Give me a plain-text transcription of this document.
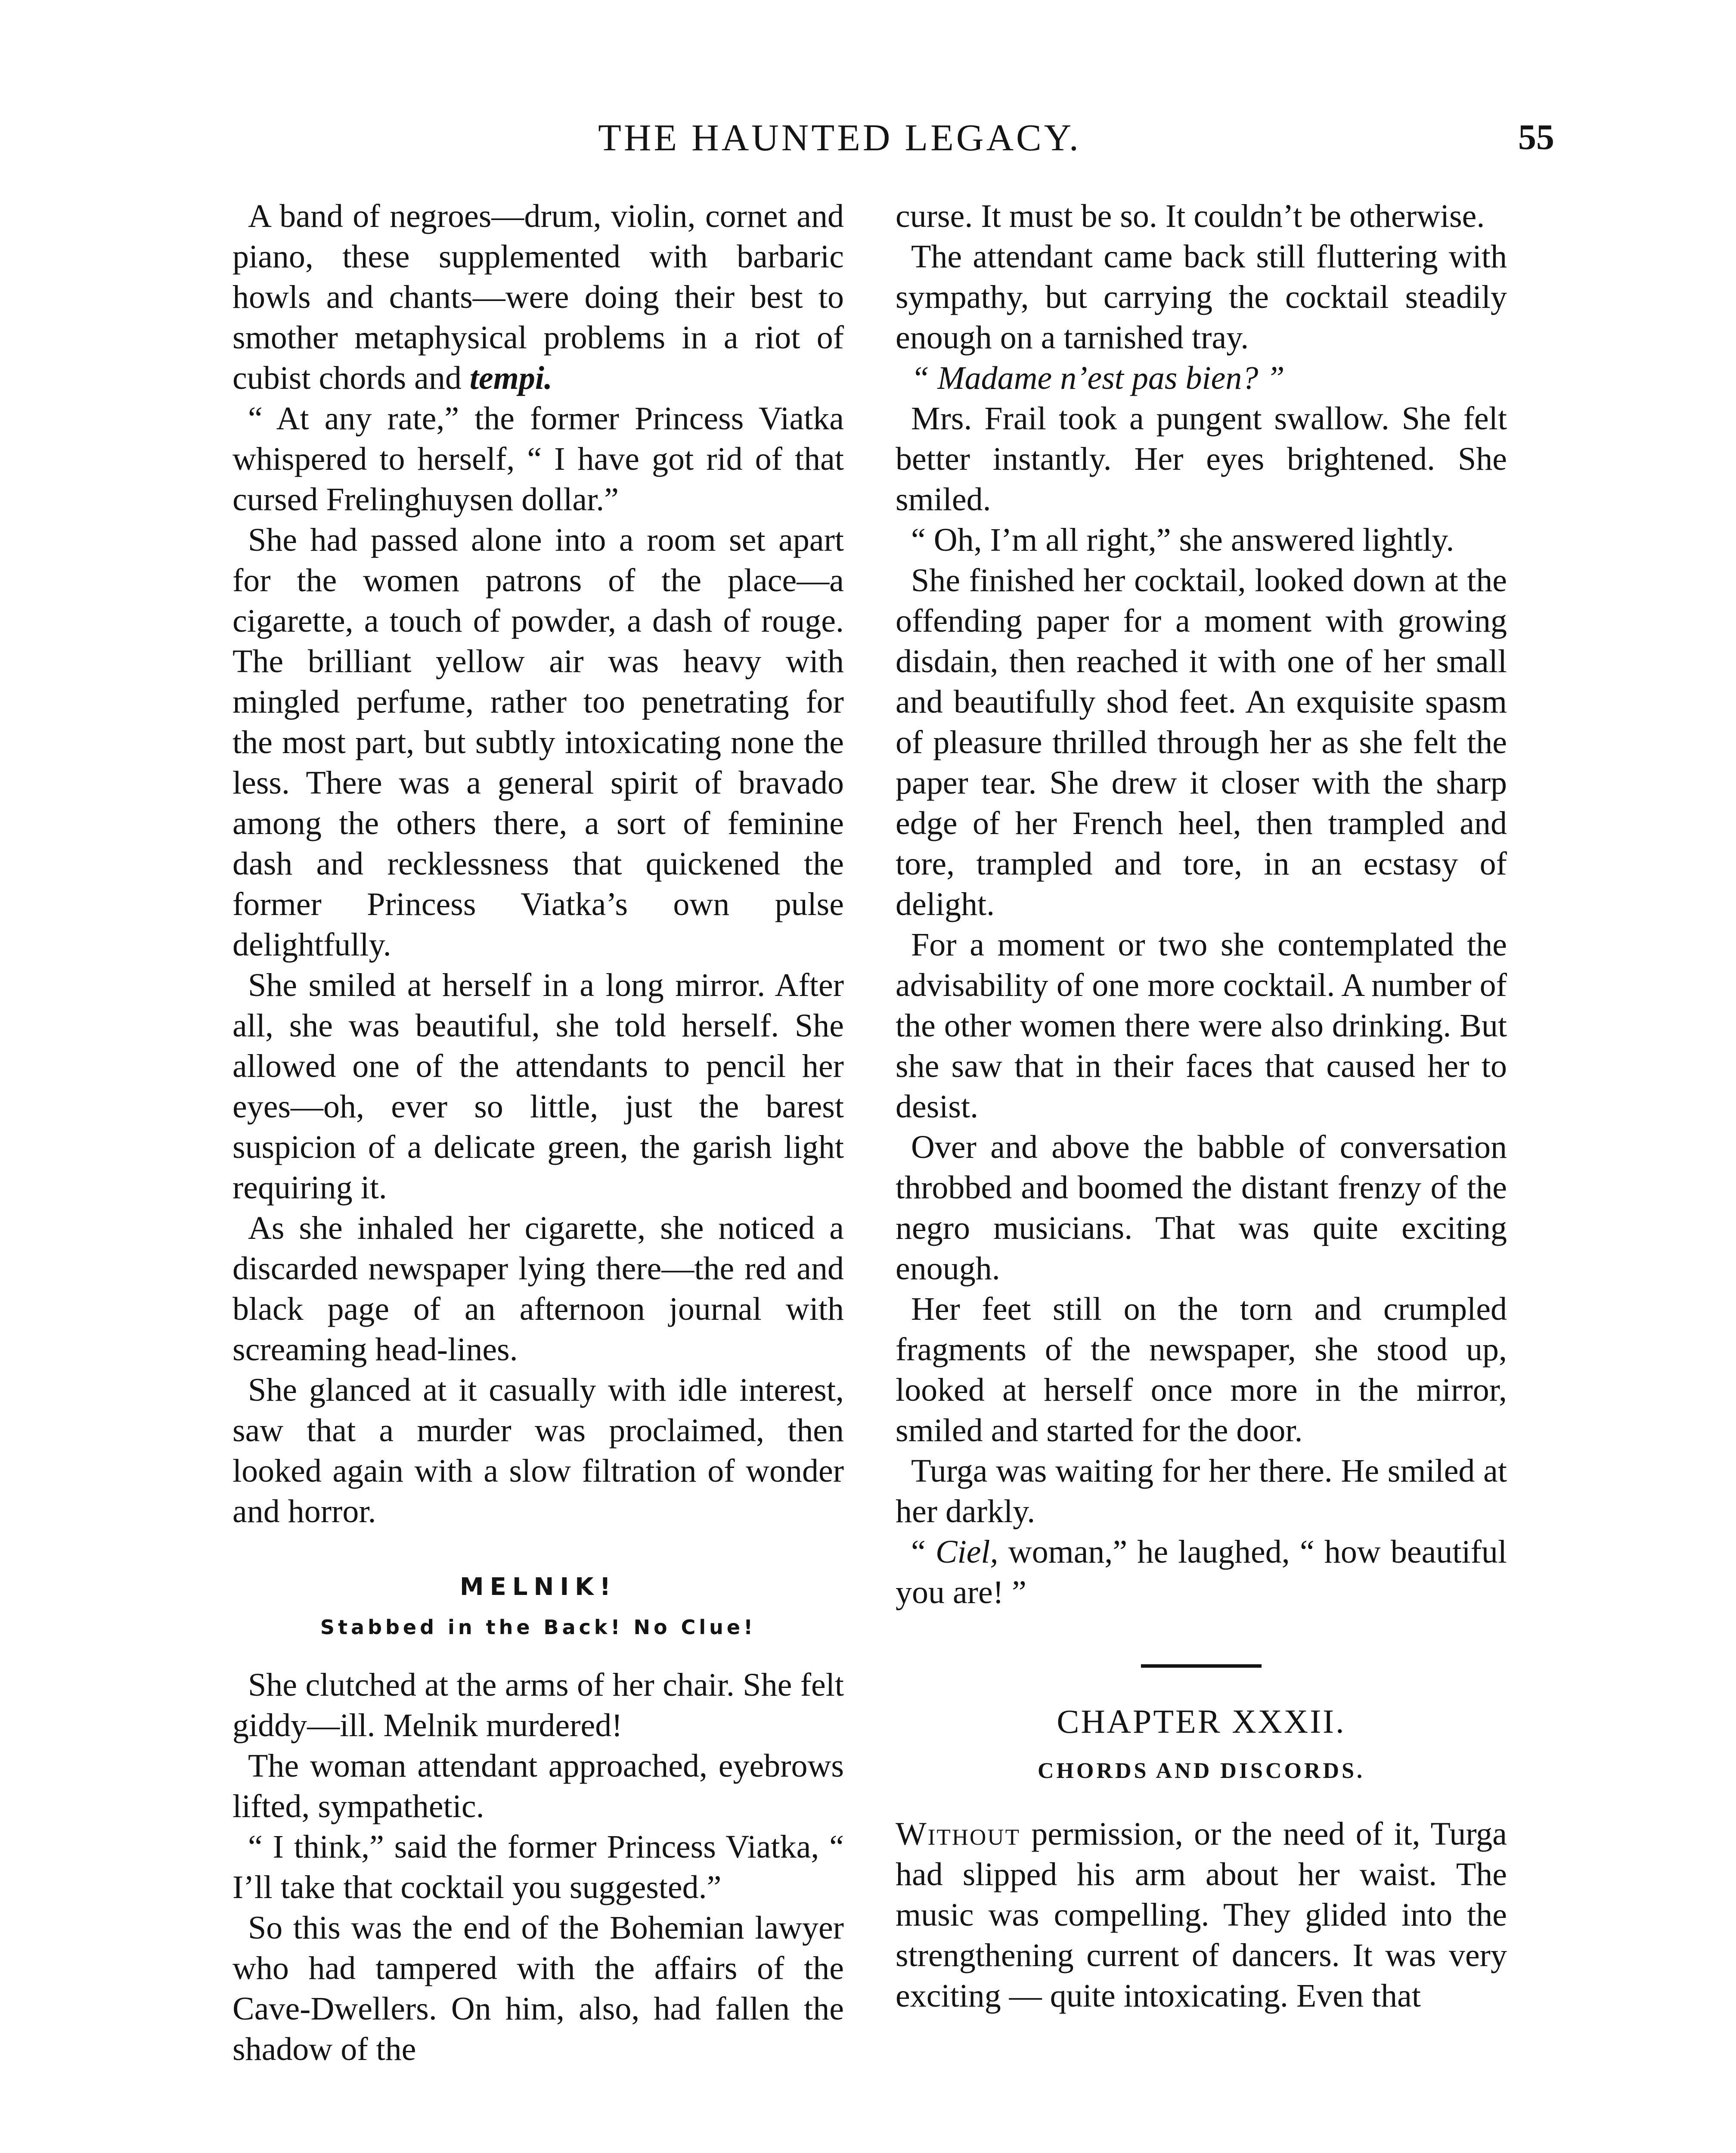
THE HAUNTED LEGACY.	55

A band of negroes—drum, violin, cornet and piano, these supplemented with barbaric howls and chants—were doing their best to smother metaphysical problems in a riot of cubist chords and tempi.

“ At any rate,” the former Princess Viatka whispered to herself, “ I have got rid of that cursed Frelinghuysen dollar.”

She had passed alone into a room set apart for the women patrons of the place—a cigarette, a touch of powder, a dash of rouge. The brilliant yellow air was heavy with mingled perfume, rather too penetrating for the most part, but subtly intoxicating none the less. There was a general spirit of bravado among the others there, a sort of feminine dash and recklessness that quickened the former Princess Viatka’s own pulse delightfully.

She smiled at herself in a long mirror. After all, she was beautiful, she told herself. She allowed one of the attendants to pencil her eyes—oh, ever so little, just the barest suspicion of a delicate green, the garish light requiring it.

As she inhaled her cigarette, she noticed a discarded newspaper lying there—the red and black page of an afternoon journal with screaming head-lines.

She glanced at it casually with idle interest, saw that a murder was proclaimed, then looked again with a slow filtration of wonder and horror.

MELNIK!
Stabbed in the Back! No Clue!

She clutched at the arms of her chair. She felt giddy—ill. Melnik murdered!

The woman attendant approached, eyebrows lifted, sympathetic.

“ I think,” said the former Princess Viatka, “ I’ll take that cocktail you suggested.”

So this was the end of the Bohemian lawyer who had tampered with the affairs of the Cave-Dwellers. On him, also, had fallen the shadow of the

curse. It must be so. It couldn’t be otherwise.

The attendant came back still fluttering with sympathy, but carrying the cocktail steadily enough on a tarnished tray.

“ Madame n’est pas bien? ”

Mrs. Frail took a pungent swallow. She felt better instantly. Her eyes brightened. She smiled.

“ Oh, I’m all right,” she answered lightly.

She finished her cocktail, looked down at the offending paper for a moment with growing disdain, then reached it with one of her small and beautifully shod feet. An exquisite spasm of pleasure thrilled through her as she felt the paper tear. She drew it closer with the sharp edge of her French heel, then trampled and tore, trampled and tore, in an ecstasy of delight.

For a moment or two she contemplated the advisability of one more cocktail. A number of the other women there were also drinking. But she saw that in their faces that caused her to desist.

Over and above the babble of conversation throbbed and boomed the distant frenzy of the negro musicians. That was quite exciting enough.

Her feet still on the torn and crumpled fragments of the newspaper, she stood up, looked at herself once more in the mirror, smiled and started for the door.

Turga was waiting for her there. He smiled at her darkly.

“ Ciel, woman,” he laughed, “ how beautiful you are! ”

CHAPTER XXXII.
CHORDS AND DISCORDS.

Without permission, or the need of it, Turga had slipped his arm about her waist. The music was compelling. They glided into the strengthening current of dancers. It was very exciting — quite intoxicating. Even that
